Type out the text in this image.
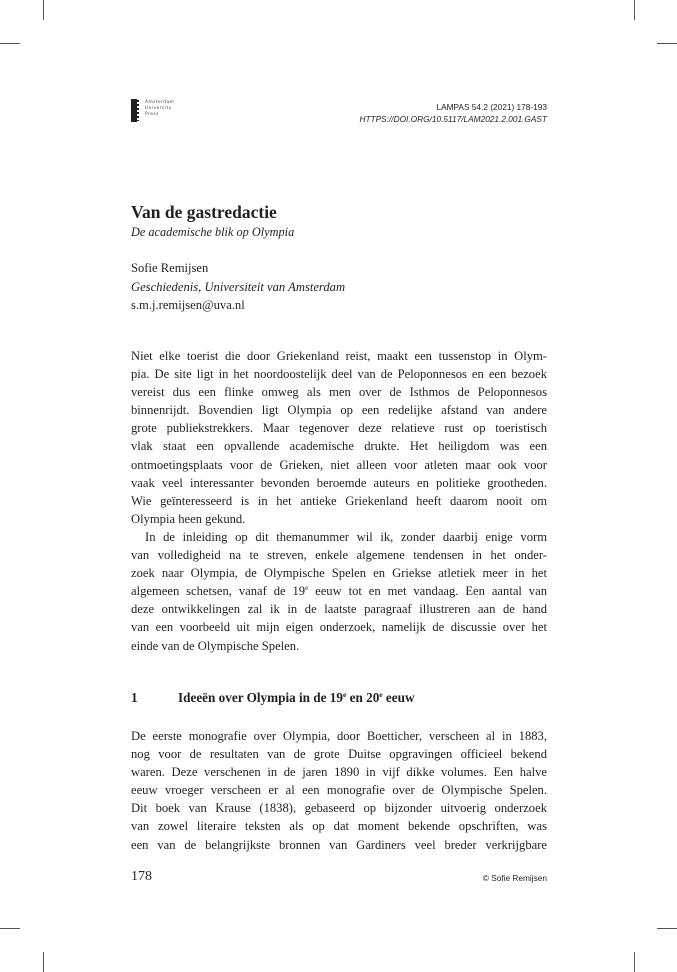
Amsterdam
University
Press
LAMPAS 54.2 (2021) 178-193
HTTPS://DOI.ORG/10.5117/LAM2021.2.001.GAST
Van de gastredactie
De academische blik op Olympia
Sofie Remijsen
Geschiedenis, Universiteit van Amsterdam
s.m.j.remijsen@uva.nl

Niet elke toerist die door Griekenland reist, maakt een tussenstop in Olym-
pia. De site ligt in het noordoostelijk deel van de Peloponnesos en een bezoek
vereist dus een flinke omweg als men over de Isthmos de Peloponnesos
binnenrijdt. Bovendien ligt Olympia op een redelijke afstand van andere
grote publiekstrekkers. Maar tegenover deze relatieve rust op toeristisch
vlak staat een opvallende academische drukte. Het heiligdom was een
ontmoetingsplaats voor de Grieken, niet alleen voor atleten maar ook voor
vaak veel interessanter bevonden beroemde auteurs en politieke grootheden.
Wie geïnteresseerd is in het antieke Griekenland heeft daarom nooit om
Olympia heen gekund.

In de inleiding op dit themanummer wil ik, zonder daarbij enige vorm
van volledigheid na te streven, enkele algemene tendensen in het onder-
zoek naar Olympia, de Olympische Spelen en Griekse atletiek meer in het
algemeen schetsen, vanaf de 19e eeuw tot en met vandaag. Een aantal van
deze ontwikkelingen zal ik in de laatste paragraaf illustreren aan de hand
van een voorbeeld uit mijn eigen onderzoek, namelijk de discussie over het
einde van de Olympische Spelen.

1	Ideeën over Olympia in de 19e en 20e eeuw

De eerste monografie over Olympia, door Boetticher, verscheen al in 1883,
nog voor de resultaten van de grote Duitse opgravingen officieel bekend
waren. Deze verschenen in de jaren 1890 in vijf dikke volumes. Een halve
eeuw vroeger verscheen er al een monografie over de Olympische Spelen.
Dit boek van Krause (1838), gebaseerd op bijzonder uitvoerig onderzoek
van zowel literaire teksten als op dat moment bekende opschriften, was
een van de belangrijkste bronnen van Gardiners veel breder verkrijgbare

178	© Sofie Remijsen
